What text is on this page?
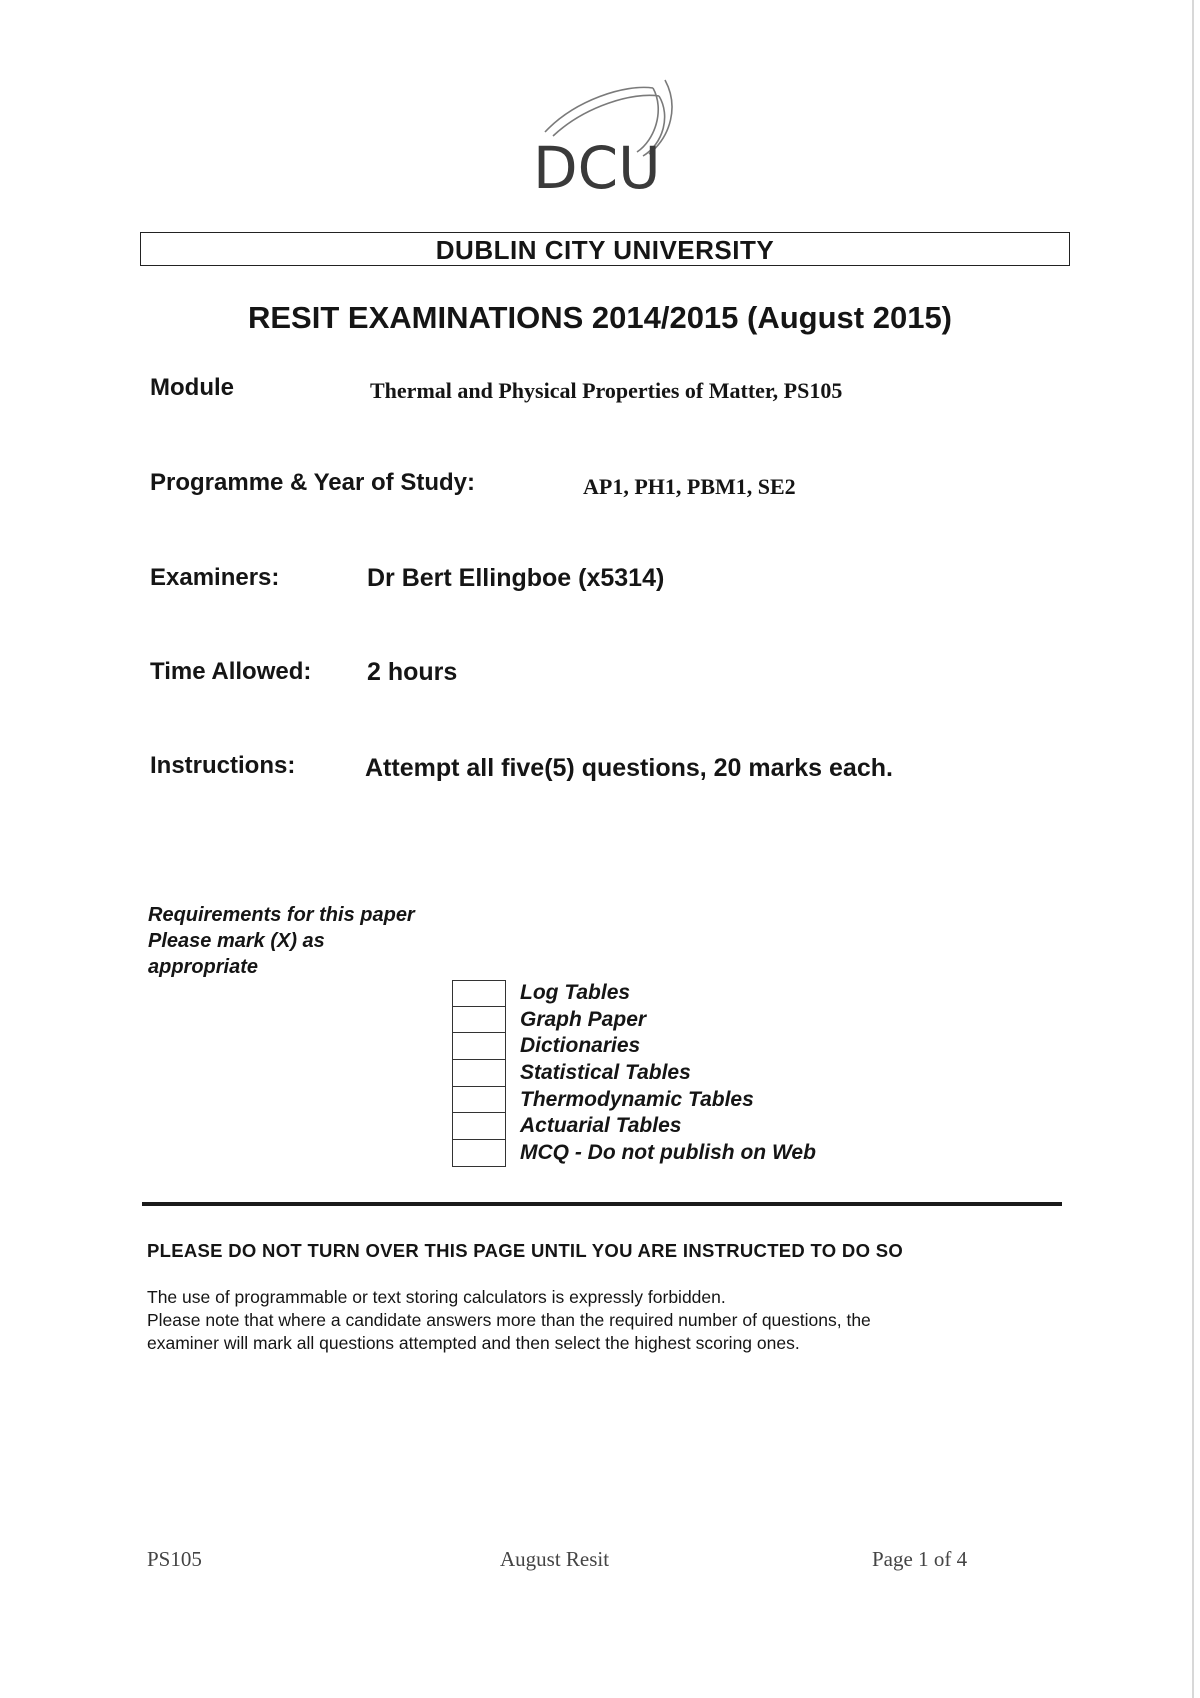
DCU
DUBLIN CITY UNIVERSITY
RESIT EXAMINATIONS 2014/2015 (August 2015)
Module	Thermal and Physical Properties of Matter, PS105
Programme & Year of Study:	AP1, PH1, PBM1, SE2
Examiners:	Dr Bert Ellingboe (x5314)
Time Allowed: 2 hours
Instructions:	Attempt all five(5) questions, 20 marks each.
Requirements for this paper
Please mark (X) as
appropriate
Log Tables
Graph Paper
Dictionaries
Statistical Tables
Thermodynamic Tables
Actuarial Tables
MCQ - Do not publish on Web
PLEASE DO NOT TURN OVER THIS PAGE UNTIL YOU ARE INSTRUCTED TO DO SO
The use of programmable or text storing calculators is expressly forbidden.
Please note that where a candidate answers more than the required number of questions, the
examiner will mark all questions attempted and then select the highest scoring ones.
PS105	August Resit	Page 1 of 4
